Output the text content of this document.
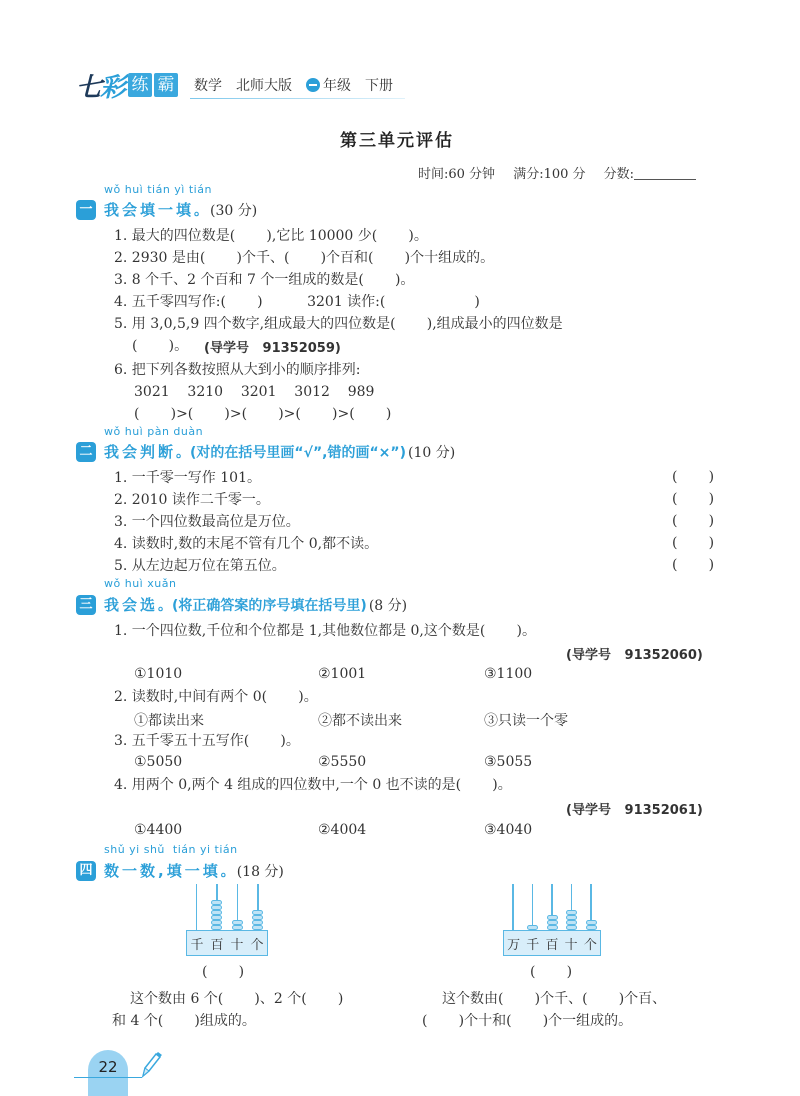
七彩 练 霸 数学 北师大版	年级 下册
第三单元评估
时间:60 分钟 满分:100 分 分数:
wǒ huì tián yì tián
一 我会填一填 。 (30 分)
1. 最大的四位数是(       ),它比 10000 少(       )。
2. 2930 是由(       )个千、(       )个百和(       )个十组成的。
3. 8 个千、2 个百和 7 个一组成的数是(       )。
4. 五千零四写作:(       )          3201 读作:(                    )
5. 用 3,0,5,9 四个数字,组成最大的四位数是(       ),组成最小的四位数是
(       )。 (导学号   91352059)
6. 把下列各数按照从大到小的顺序排列:
3021    3210    3201    3012    989
(       )>(       )>(       )>(       )>(       )
wǒ huì pàn duàn
二 我会判断 。(对的在括号里画“√”,错的画“×”) (10 分)
1. 一千零一写作 101。	(       )
2. 2010 读作二千零一。	(       )
3. 一个四位数最高位是万位。	(       )
4. 读数时,数的末尾不管有几个 0,都不读。	(       )
5. 从左边起万位在第五位。	(       )
wǒ huì xuǎn
三 我会选 。(将正确答案的序号填在括号里) (8 分)
1. 一个四位数,千位和个位都是 1,其他数位都是 0,这个数是(       )。
(导学号   91352060)
①1010	②1001	③1100
2. 读数时,中间有两个 0(       )。
①都读出来	②都不读出来	③只读一个零
3. 五千零五十五写作(       )。
①5050	②5550	③5055
4. 用两个 0,两个 4 组成的四位数中,一个 0 也不读的是(       )。
(导学号   91352061)
①4400	②4004	③4040
shǔ yi shǔ  tián yi tián
四 数一数,填一填 。 (18 分)
千 百 十 个
(       )
万 千 百 十 个
(       )
这个数由 6 个(       )、2 个(       )
和 4 个(       )组成的。
这个数由(       )个千、(       )个百、
(       )个十和(       )个一组成的。
22
